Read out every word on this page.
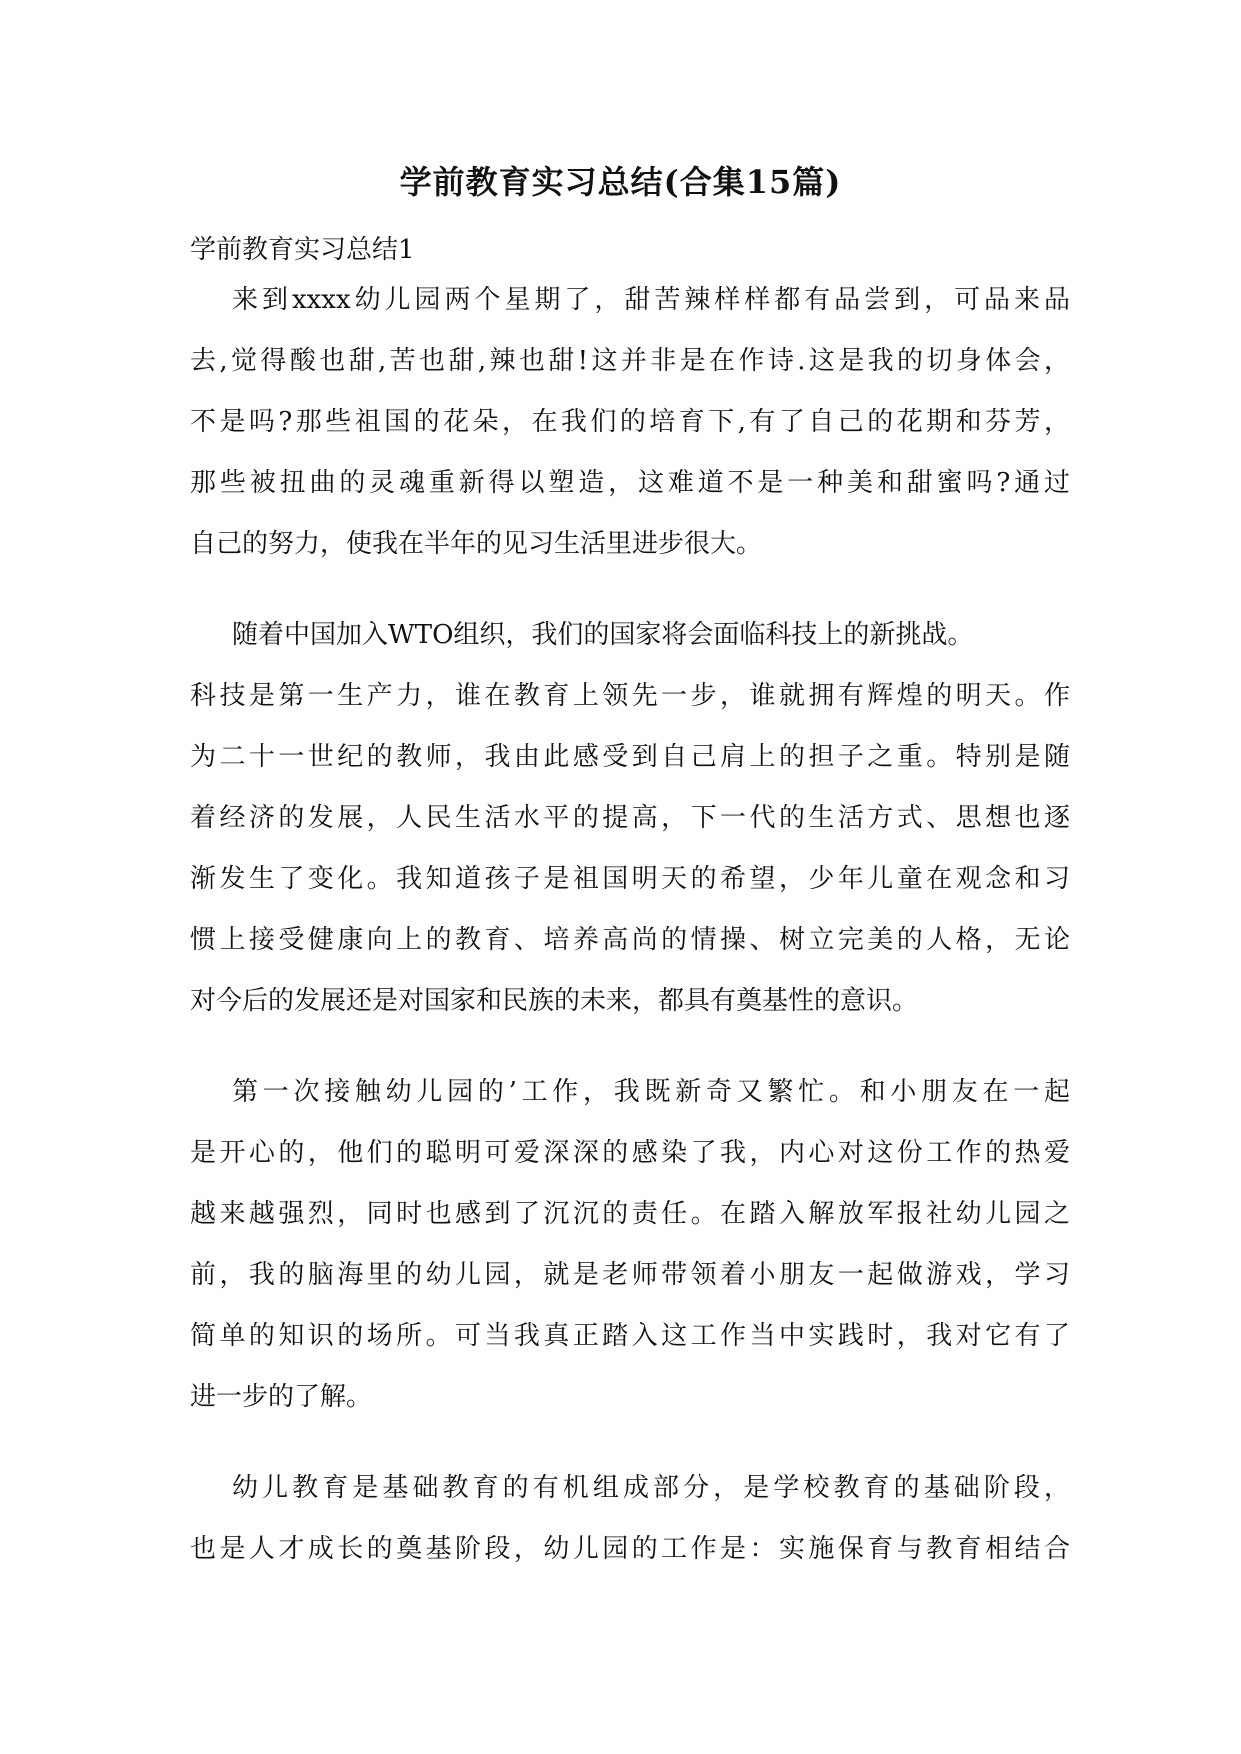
学前教育实习总结(合集15篇)
学前教育实习总结1
来到xxxx幼儿园两个星期了，甜苦辣样样都有品尝到，可品来品
去,觉得酸也甜,苦也甜,辣也甜!这并非是在作诗.这是我的切身体会，
不是吗?那些祖国的花朵，在我们的培育下,有了自己的花期和芬芳，
那些被扭曲的灵魂重新得以塑造，这难道不是一种美和甜蜜吗?通过
自己的努力，使我在半年的见习生活里进步很大。
随着中国加入WTO组织，我们的国家将会面临科技上的新挑战。
科技是第一生产力，谁在教育上领先一步，谁就拥有辉煌的明天。作
为二十一世纪的教师，我由此感受到自己肩上的担子之重。特别是随
着经济的发展，人民生活水平的提高，下一代的生活方式、思想也逐
渐发生了变化。我知道孩子是祖国明天的希望，少年儿童在观念和习
惯上接受健康向上的教育、培养高尚的情操、树立完美的人格，无论
对今后的发展还是对国家和民族的未来，都具有奠基性的意识。
第一次接触幼儿园的’工作，我既新奇又繁忙。和小朋友在一起
是开心的，他们的聪明可爱深深的感染了我，内心对这份工作的热爱
越来越强烈，同时也感到了沉沉的责任。在踏入解放军报社幼儿园之
前，我的脑海里的幼儿园，就是老师带领着小朋友一起做游戏，学习
简单的知识的场所。可当我真正踏入这工作当中实践时，我对它有了
进一步的了解。
幼儿教育是基础教育的有机组成部分，是学校教育的基础阶段，
也是人才成长的奠基阶段，幼儿园的工作是：实施保育与教育相结合
